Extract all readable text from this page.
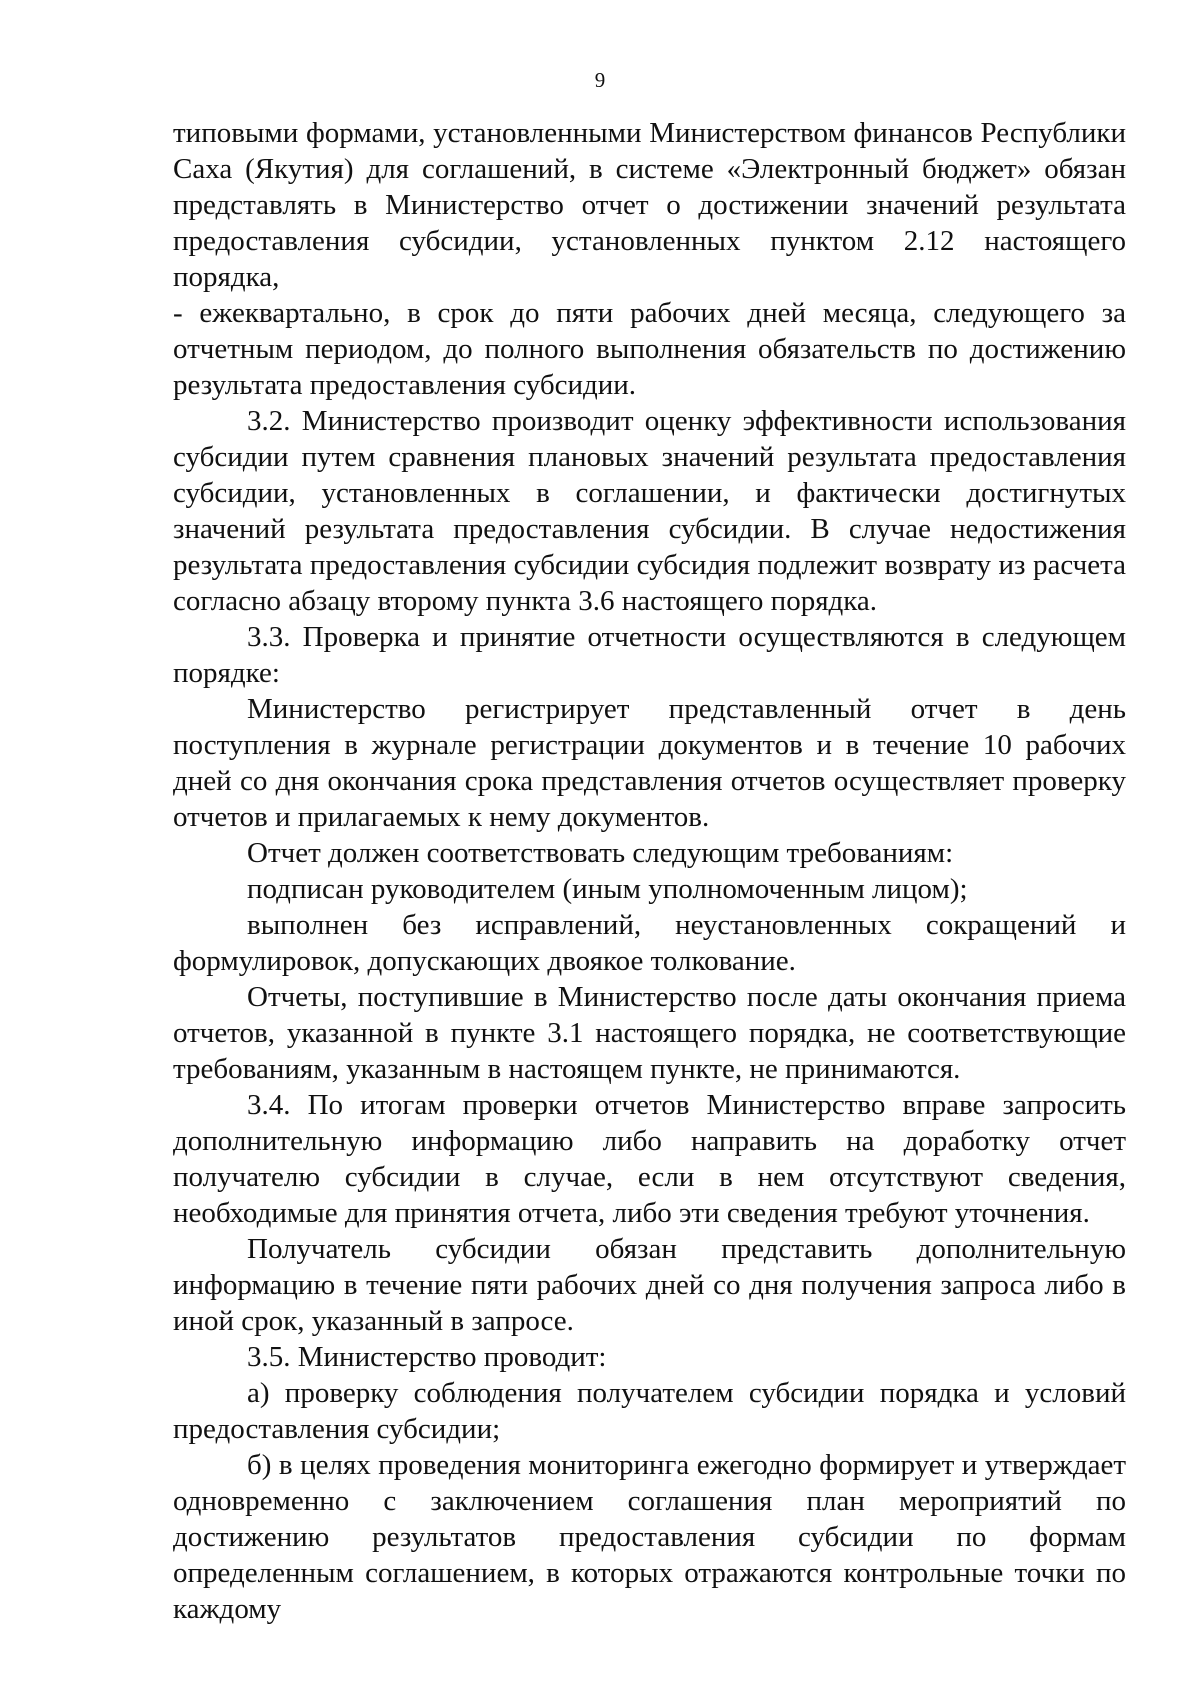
9

типовыми формами, установленными Министерством финансов Республики Саха (Якутия) для соглашений, в системе «Электронный бюджет» обязан представлять в Министерство отчет о достижении значений результата предоставления субсидии, установленных пунктом 2.12 настоящего порядка,

- ежеквартально, в срок до пяти рабочих дней месяца, следующего за отчетным периодом, до полного выполнения обязательств по достижению результата предоставления субсидии.

3.2. Министерство производит оценку эффективности использования субсидии путем сравнения плановых значений результата предоставления субсидии, установленных в соглашении, и фактически достигнутых значений результата предоставления субсидии. В случае недостижения результата предоставления субсидии субсидия подлежит возврату из расчета согласно абзацу второму пункта 3.6 настоящего порядка.

3.3. Проверка и принятие отчетности осуществляются в следующем порядке:

Министерство регистрирует представленный отчет в день поступления в журнале регистрации документов и в течение 10 рабочих дней со дня окончания срока представления отчетов осуществляет проверку отчетов и прилагаемых к нему документов.

Отчет должен соответствовать следующим требованиям:

подписан руководителем (иным уполномоченным лицом);

выполнен без исправлений, неустановленных сокращений и формулировок, допускающих двоякое толкование.

Отчеты, поступившие в Министерство после даты окончания приема отчетов, указанной в пункте 3.1 настоящего порядка, не соответствующие требованиям, указанным в настоящем пункте, не принимаются.

3.4. По итогам проверки отчетов Министерство вправе запросить дополнительную информацию либо направить на доработку отчет получателю субсидии в случае, если в нем отсутствуют сведения, необходимые для принятия отчета, либо эти сведения требуют уточнения.

Получатель субсидии обязан представить дополнительную информацию в течение пяти рабочих дней со дня получения запроса либо в иной срок, указанный в запросе.

3.5. Министерство проводит:

а) проверку соблюдения получателем субсидии порядка и условий предоставления субсидии;

б) в целях проведения мониторинга ежегодно формирует и утверждает одновременно с заключением соглашения план мероприятий по достижению результатов предоставления субсидии по формам определенным соглашением, в которых отражаются контрольные точки по каждому
